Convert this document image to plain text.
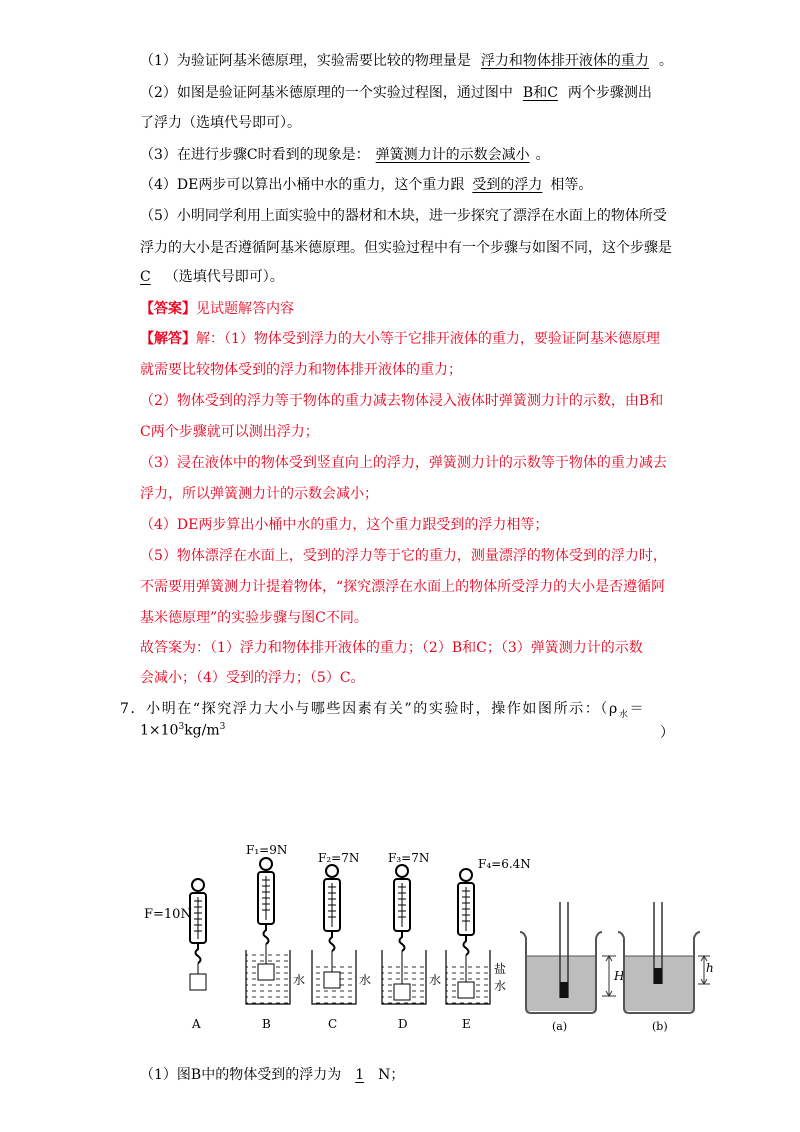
（1）为验证阿基米德原理，实验需要比较的物理量是 浮力和物体排开液体的重力 。
（2）如图是验证阿基米德原理的一个实验过程图，通过图中 B和C 两个步骤测出
了浮力（选填代号即可）。
（3）在进行步骤C时看到的现象是： 弹簧测力计的示数会减小 。
（4）DE两步可以算出小桶中水的重力，这个重力跟 受到的浮力 相等。
（5）小明同学利用上面实验中的器材和木块，进一步探究了漂浮在水面上的物体所受
浮力的大小是否遵循阿基米德原理。但实验过程中有一个步骤与如图不同，这个步骤是
C （选填代号即可）。
【答案】见试题解答内容
【解答】解：（1）物体受到浮力的大小等于它排开液体的重力，要验证阿基米德原理
就需要比较物体受到的浮力和物体排开液体的重力；
（2）物体受到的浮力等于物体的重力减去物体浸入液体时弹簧测力计的示数，由B和
C两个步骤就可以测出浮力；
（3）浸在液体中的物体受到竖直向上的浮力，弹簧测力计的示数等于物体的重力减去
浮力，所以弹簧测力计的示数会减小；
（4）DE两步算出小桶中水的重力，这个重力跟受到的浮力相等；
（5）物体漂浮在水面上，受到的浮力等于它的重力，测量漂浮的物体受到的浮力时，
不需要用弹簧测力计提着物体，“探究漂浮在水面上的物体所受浮力的大小是否遵循阿
基米德原理”的实验步骤与图C不同。
故答案为：（1）浮力和物体排开液体的重力；（2）B和C；（3）弹簧测力计的示数
会减小；（4）受到的浮力；（5）C。
7．小明在“探究浮力大小与哪些因素有关”的实验时，操作如图所示：（$\rho_水=$
$1\times 10^3kg/m^3$	）
F=10N
A
F₁=9N
水
B
F₂=7N
水
C
F₃=7N
水
D
F₄=6.4N
盐
水
E
H
(a)
h
(b)
（1）图B中的物体受到的浮力为 1 N；
